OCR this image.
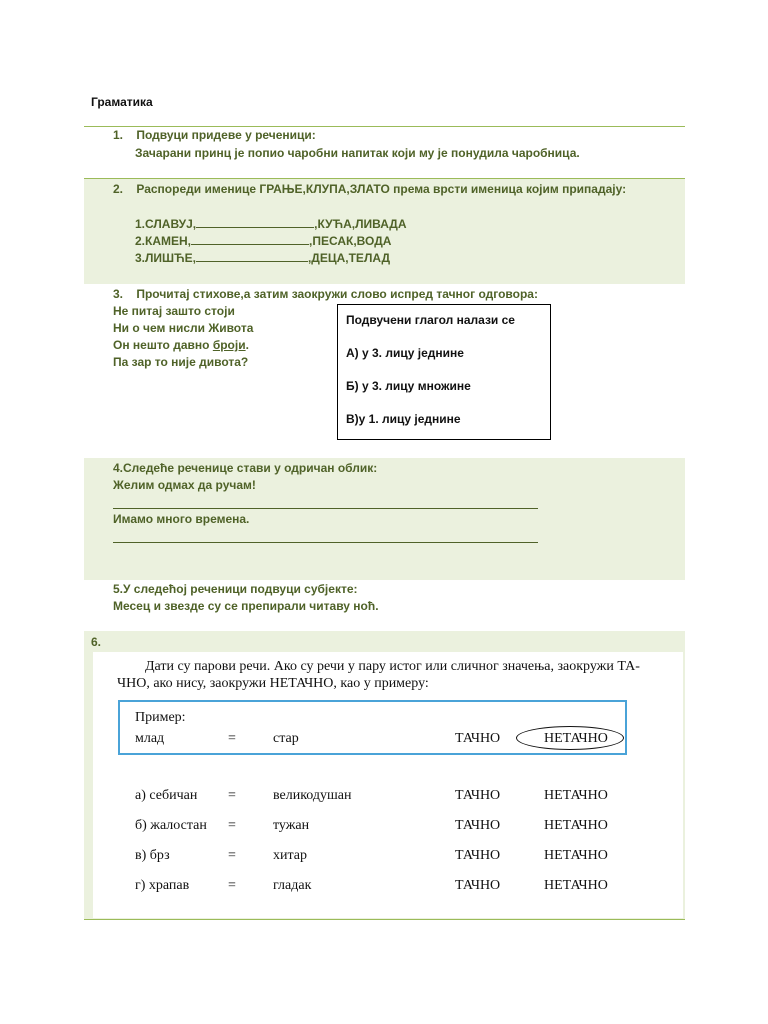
Граматика
1.    Подвуци придеве у реченици:
Зачарани принц је попио чаробни напитак који му је понудила чаробница.
2.    Распореди именице ГРАЊЕ,КЛУПА,ЗЛАТО према врсти именица којим припадају:
1.СЛАВУЈ,	,КУЋА,ЛИВАДА
2.КАМЕН,	,ПЕСАК,ВОДА
3.ЛИШЋЕ,	,ДЕЦА,ТЕЛАД
3.    Прочитај стихове,а затим заокружи слово испред тачног одговора:
Не питај зашто стоји
Ни о чем нисли Живота
Он нешто давно броји.
Па зар то није дивота?
Подвучени глагол налази се
А) у 3. лицу једнине
Б) у 3. лицу множине
В)у 1. лицу једнине
4.Следеће реченице стави у одричан облик:
Желим одмах да ручам!
Имамо много времена.
5.У следећој реченици подвуци субјекте:
Месец и звезде су се препирали читаву ноћ.
6.
Дати су парови речи. Ако су речи у пару истог или сличног значења, заокружи ТА-
ЧНО, ако нису, заокружи НЕТАЧНО, као у примеру:
Пример:
млад	=	стар	ТАЧНО	НЕТАЧНО
а) себичан =	великодушан	ТАЧНО	НЕТАЧНО
б) жалостан =	тужан	ТАЧНО	НЕТАЧНО
в) брз	=	хитар	ТАЧНО	НЕТАЧНО
г) храпав	=	гладак	ТАЧНО	НЕТАЧНО
